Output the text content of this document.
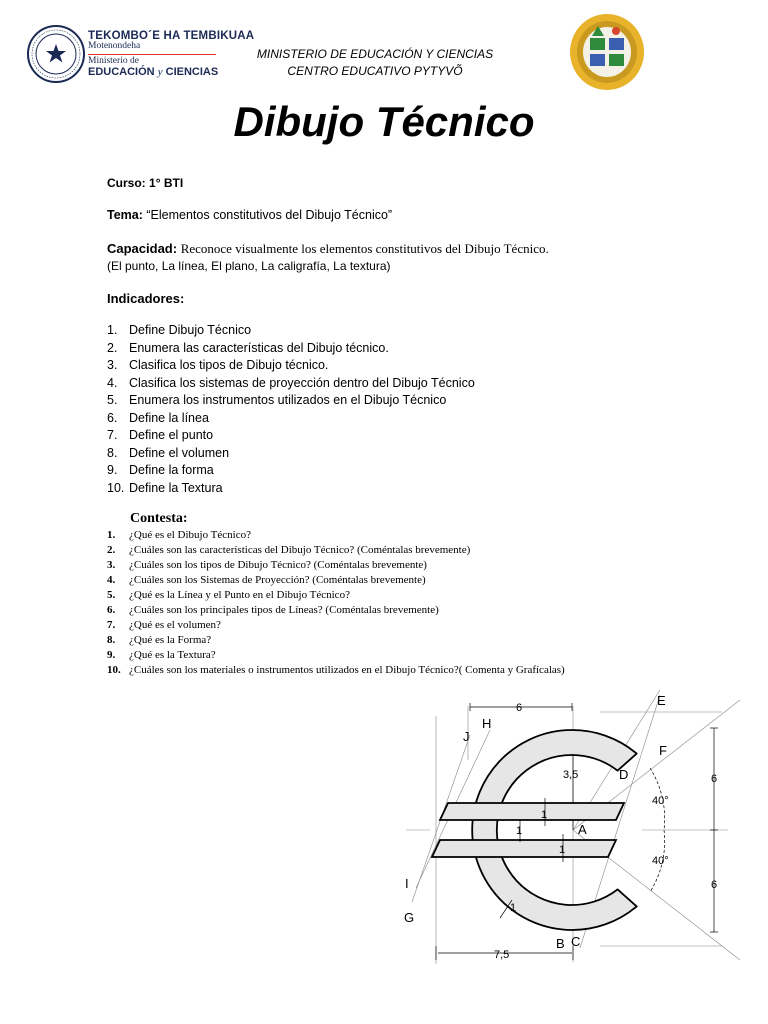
TEKOMBO´E HA TEMBIKUAA
Motenondeha
Ministerio de
EDUCACIÓN y CIENCIAS
MINISTERIO DE EDUCACIÓN Y CIENCIAS
CENTRO EDUCATIVO PYTYVÕ
Dibujo Técnico
Curso: 1° BTI
Tema: “Elementos constitutivos del Dibujo Técnico”
Capacidad: Reconoce visualmente los elementos constitutivos del Dibujo Técnico.
(El punto, La línea, El plano, La caligrafía, La textura)
Indicadores:
1. Define Dibujo Técnico
2. Enumera las características del Dibujo técnico.
3. Clasifica los tipos de Dibujo técnico.
4. Clasifica los sistemas de proyección dentro del Dibujo Técnico
5. Enumera los instrumentos utilizados en el Dibujo Técnico
6. Define la línea
7. Define el punto
8. Define el volumen
9. Define la forma
10. Define la Textura
Contesta:
1. ¿Qué es el Dibujo Técnico?
2. ¿Cuáles son las características del Dibujo Técnico? (Coméntalas brevemente)
3. ¿Cuáles son los tipos de Dibujo Técnico? (Coméntalas brevemente)
4. ¿Cuáles son los Sistemas de Proyección? (Coméntalas brevemente)
5. ¿Qué es la Línea y el Punto en el Dibujo Técnico?
6. ¿Cuáles son los principales tipos de Líneas? (Coméntalas brevemente)
7. ¿Qué es el volumen?
8. ¿Qué es la Forma?
9. ¿Qué es la Textura?
10. ¿Cuáles son los materiales o instrumentos utilizados en el Dibujo Técnico?( Comenta y Grafícalas)
6	E
H
J
F
D
3,5
40°
40°
6
6
1
1
1
1
A
I
G
B C
7,5
